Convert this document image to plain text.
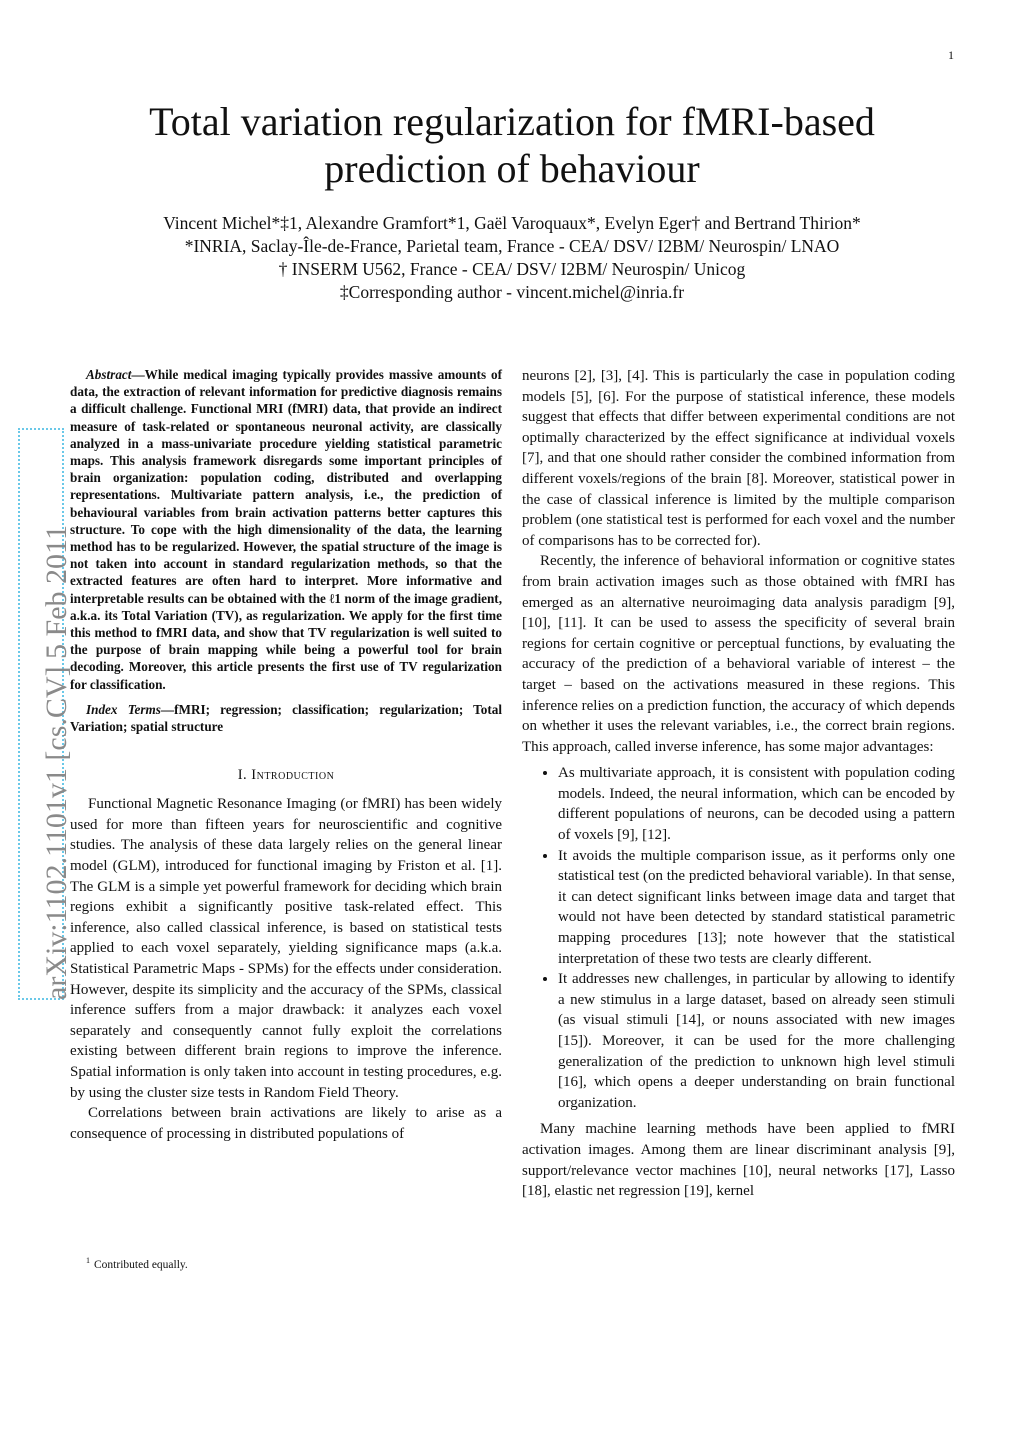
1
Total variation regularization for fMRI-based
prediction of behaviour
Vincent Michel*‡1, Alexandre Gramfort*1, Gaël Varoquaux*, Evelyn Eger† and Bertrand Thirion*
*INRIA, Saclay-Île-de-France, Parietal team, France - CEA/ DSV/ I2BM/ Neurospin/ LNAO
† INSERM U562, France - CEA/ DSV/ I2BM/ Neurospin/ Unicog
‡Corresponding author - vincent.michel@inria.fr
arXiv:1102.1101v1 [cs.CV] 5 Feb 2011

Abstract—While medical imaging typically provides massive amounts of data, the extraction of relevant information for predictive diagnosis remains a difficult challenge. Functional MRI (fMRI) data, that provide an indirect measure of task-related or spontaneous neuronal activity, are classically analyzed in a mass-univariate procedure yielding statistical parametric maps. This analysis framework disregards some important principles of brain organization: population coding, distributed and overlapping representations. Multivariate pattern analysis, i.e., the prediction of behavioural variables from brain activation patterns better captures this structure. To cope with the high dimensionality of the data, the learning method has to be regularized. However, the spatial structure of the image is not taken into account in standard regularization methods, so that the extracted features are often hard to interpret. More informative and interpretable results can be obtained with the ℓ1 norm of the image gradient, a.k.a. its Total Variation (TV), as regularization. We apply for the first time this method to fMRI data, and show that TV regularization is well suited to the purpose of brain mapping while being a powerful tool for brain decoding. Moreover, this article presents the first use of TV regularization for classification.

Index Terms—fMRI; regression; classification; regularization; Total Variation; spatial structure

I. Introduction

Functional Magnetic Resonance Imaging (or fMRI) has been widely used for more than fifteen years for neuroscientific and cognitive studies. The analysis of these data largely relies on the general linear model (GLM), introduced for functional imaging by Friston et al. [1]. The GLM is a simple yet powerful framework for deciding which brain regions exhibit a significantly positive task-related effect. This inference, also called classical inference, is based on statistical tests applied to each voxel separately, yielding significance maps (a.k.a. Statistical Parametric Maps - SPMs) for the effects under consideration. However, despite its simplicity and the accuracy of the SPMs, classical inference suffers from a major drawback: it analyzes each voxel separately and consequently cannot fully exploit the correlations existing between different brain regions to improve the inference. Spatial information is only taken into account in testing procedures, e.g. by using the cluster size tests in Random Field Theory.

Correlations between brain activations are likely to arise as a consequence of processing in distributed populations of

$^1$ Contributed equally.

neurons [2], [3], [4]. This is particularly the case in population coding models [5], [6]. For the purpose of statistical inference, these models suggest that effects that differ between experimental conditions are not optimally characterized by the effect significance at individual voxels [7], and that one should rather consider the combined information from different voxels/regions of the brain [8]. Moreover, statistical power in the case of classical inference is limited by the multiple comparison problem (one statistical test is performed for each voxel and the number of comparisons has to be corrected for).

Recently, the inference of behavioral information or cognitive states from brain activation images such as those obtained with fMRI has emerged as an alternative neuroimaging data analysis paradigm [9], [10], [11]. It can be used to assess the specificity of several brain regions for certain cognitive or perceptual functions, by evaluating the accuracy of the prediction of a behavioral variable of interest – the target – based on the activations measured in these regions. This inference relies on a prediction function, the accuracy of which depends on whether it uses the relevant variables, i.e., the correct brain regions. This approach, called inverse inference, has some major advantages:

• As multivariate approach, it is consistent with population coding models. Indeed, the neural information, which can be encoded by different populations of neurons, can be decoded using a pattern of voxels [9], [12].
• It avoids the multiple comparison issue, as it performs only one statistical test (on the predicted behavioral variable). In that sense, it can detect significant links between image data and target that would not have been detected by standard statistical parametric mapping procedures [13]; note however that the statistical interpretation of these two tests are clearly different.
• It addresses new challenges, in particular by allowing to identify a new stimulus in a large dataset, based on already seen stimuli (as visual stimuli [14], or nouns associated with new images [15]). Moreover, it can be used for the more challenging generalization of the prediction to unknown high level stimuli [16], which opens a deeper understanding on brain functional organization.

Many machine learning methods have been applied to fMRI activation images. Among them are linear discriminant analysis [9], support/relevance vector machines [10], neural networks [17], Lasso [18], elastic net regression [19], kernel
